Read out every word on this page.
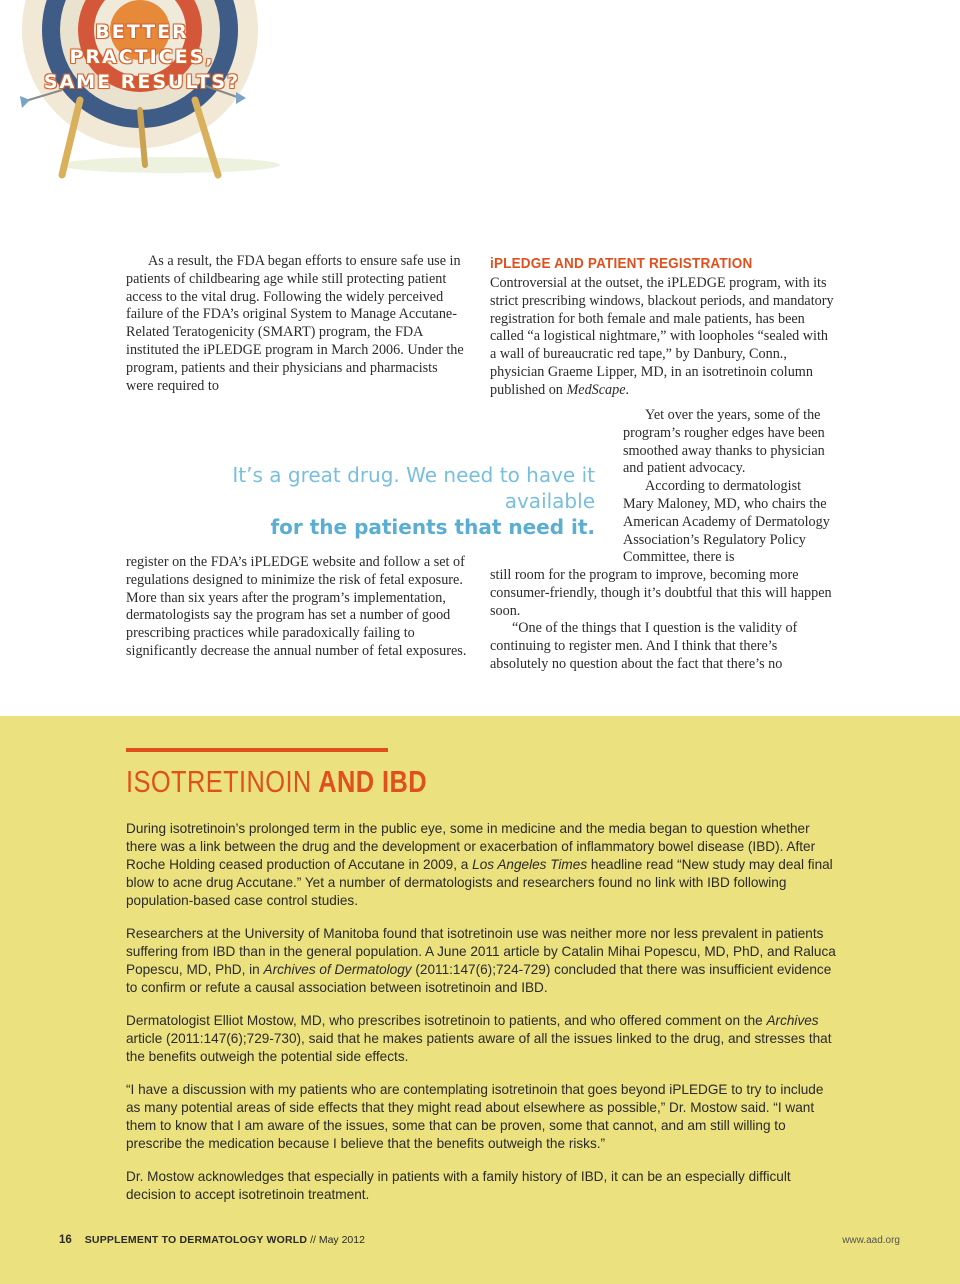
BETTER PRACTICES,
SAME RESULTS?

As a result, the FDA began efforts to ensure safe use in patients of childbearing age while still protecting patient access to the vital drug. Following the widely perceived failure of the FDA’s original System to Manage Accutane-Related Teratogenicity (SMART) program, the FDA instituted the iPLEDGE program in March 2006. Under the program, patients and their physicians and pharmacists were required to

It’s a great drug. We need to have it available
for the patients that need it.

register on the FDA’s iPLEDGE website and follow a set of regulations designed to minimize the risk of fetal exposure. More than six years after the program’s implementation, dermatologists say the program has set a number of good prescribing practices while paradoxically failing to significantly decrease the annual number of fetal exposures.

iPLEDGE AND PATIENT REGISTRATION

Controversial at the outset, the iPLEDGE program, with its strict prescribing windows, blackout periods, and mandatory registration for both female and male patients, has been called “a logistical nightmare,” with loopholes “sealed with a wall of bureaucratic red tape,” by Danbury, Conn., physician Graeme Lipper, MD, in an isotretinoin column published on MedScape.

Yet over the years, some of the program’s rougher edges have been smoothed away thanks to physician and patient advocacy.

According to dermatologist Mary Maloney, MD, who chairs the American Academy of Dermatology Association’s Regulatory Policy Committee, there is

still room for the program to improve, becoming more consumer-friendly, though it’s doubtful that this will happen soon.

“One of the things that I question is the validity of continuing to register men. And I think that there’s absolutely no question about the fact that there’s no

ISOTRETINOIN AND IBD

During isotretinoin’s prolonged term in the public eye, some in medicine and the media began to question whether there was a link between the drug and the development or exacerbation of inflammatory bowel disease (IBD). After Roche Holding ceased production of Accutane in 2009, a Los Angeles Times headline read “New study may deal final blow to acne drug Accutane.” Yet a number of dermatologists and researchers found no link with IBD following population-based case control studies.

Researchers at the University of Manitoba found that isotretinoin use was neither more nor less prevalent in patients suffering from IBD than in the general population. A June 2011 article by Catalin Mihai Popescu, MD, PhD, and Raluca Popescu, MD, PhD, in Archives of Dermatology (2011:147(6);724-729) concluded that there was insufficient evidence to confirm or refute a causal association between isotretinoin and IBD.

Dermatologist Elliot Mostow, MD, who prescribes isotretinoin to patients, and who offered comment on the Archives article (2011:147(6);729-730), said that he makes patients aware of all the issues linked to the drug, and stresses that the benefits outweigh the potential side effects.

“I have a discussion with my patients who are contemplating isotretinoin that goes beyond iPLEDGE to try to include as many potential areas of side effects that they might read about elsewhere as possible,” Dr. Mostow said. “I want them to know that I am aware of the issues, some that can be proven, some that cannot, and am still willing to prescribe the medication because I believe that the benefits outweigh the risks.”

Dr. Mostow acknowledges that especially in patients with a family history of IBD, it can be an especially difficult decision to accept isotretinoin treatment.

16 SUPPLEMENT TO DERMATOLOGY WORLD // May 2012	www.aad.org
